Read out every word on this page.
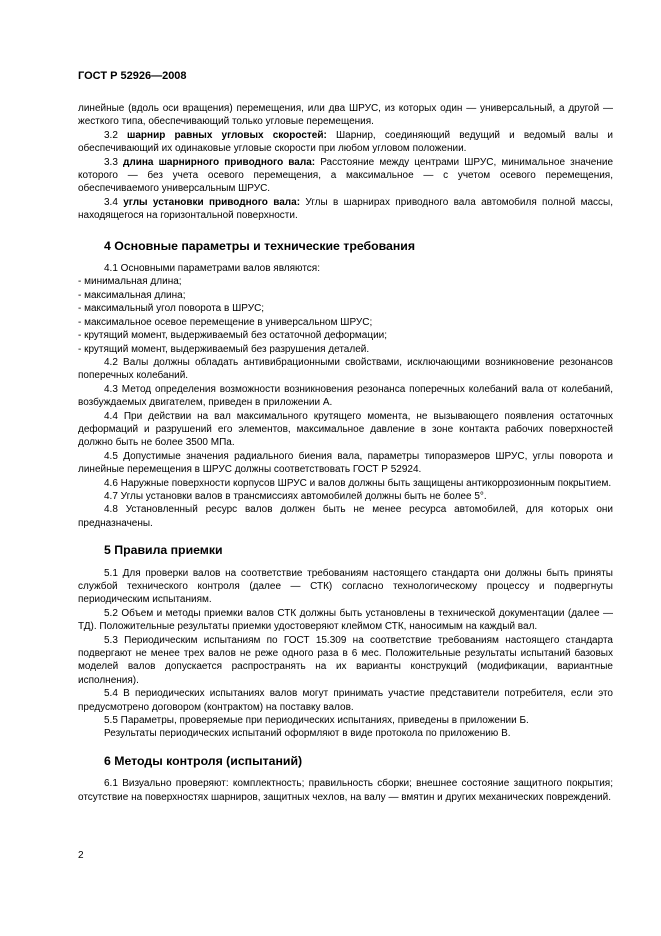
ГОСТ Р 52926—2008

линейные (вдоль оси вращения) перемещения, или два ШРУС, из которых один — универсальный, а другой — жесткого типа, обеспечивающий только угловые перемещения.

3.2 шарнир равных угловых скоростей: Шарнир, соединяющий ведущий и ведомый валы и обеспечивающий их одинаковые угловые скорости при любом угловом положении.

3.3 длина шарнирного приводного вала: Расстояние между центрами ШРУС, минимальное значение которого — без учета осевого перемещения, а максимальное — с учетом осевого перемещения, обеспечиваемого универсальным ШРУС.

3.4 углы установки приводного вала: Углы в шарнирах приводного вала автомобиля полной массы, находящегося на горизонтальной поверхности.

4 Основные параметры и технические требования

4.1 Основными параметрами валов являются:

- минимальная длина;
- максимальная длина;
- максимальный угол поворота в ШРУС;
- максимальное осевое перемещение в универсальном ШРУС;
- крутящий момент, выдерживаемый без остаточной деформации;
- крутящий момент, выдерживаемый без разрушения деталей.

4.2 Валы должны обладать антивибрационными свойствами, исключающими возникновение резонансов поперечных колебаний.

4.3 Метод определения возможности возникновения резонанса поперечных колебаний вала от колебаний, возбуждаемых двигателем, приведен в приложении А.

4.4 При действии на вал максимального крутящего момента, не вызывающего появления остаточных деформаций и разрушений его элементов, максимальное давление в зоне контакта рабочих поверхностей должно быть не более 3500 МПа.

4.5 Допустимые значения радиального биения вала, параметры типоразмеров ШРУС, углы поворота и линейные перемещения в ШРУС должны соответствовать ГОСТ Р 52924.

4.6 Наружные поверхности корпусов ШРУС и валов должны быть защищены антикоррозионным покрытием.

4.7 Углы установки валов в трансмиссиях автомобилей должны быть не более 5°.

4.8 Установленный ресурс валов должен быть не менее ресурса автомобилей, для которых они предназначены.

5 Правила приемки

5.1 Для проверки валов на соответствие требованиям настоящего стандарта они должны быть приняты службой технического контроля (далее — СТК) согласно технологическому процессу и подвергнуты периодическим испытаниям.

5.2 Объем и методы приемки валов СТК должны быть установлены в технической документации (далее — ТД). Положительные результаты приемки удостоверяют клеймом СТК, наносимым на каждый вал.

5.3 Периодическим испытаниям по ГОСТ 15.309 на соответствие требованиям настоящего стандарта подвергают не менее трех валов не реже одного раза в 6 мес. Положительные результаты испытаний базовых моделей валов допускается распространять на их варианты конструкций (модификации, вариантные исполнения).

5.4 В периодических испытаниях валов могут принимать участие представители потребителя, если это предусмотрено договором (контрактом) на поставку валов.

5.5 Параметры, проверяемые при периодических испытаниях, приведены в приложении Б.

Результаты периодических испытаний оформляют в виде протокола по приложению В.

6 Методы контроля (испытаний)

6.1 Визуально проверяют: комплектность; правильность сборки; внешнее состояние защитного покрытия; отсутствие на поверхностях шарниров, защитных чехлов, на валу — вмятин и других механических повреждений.

2
